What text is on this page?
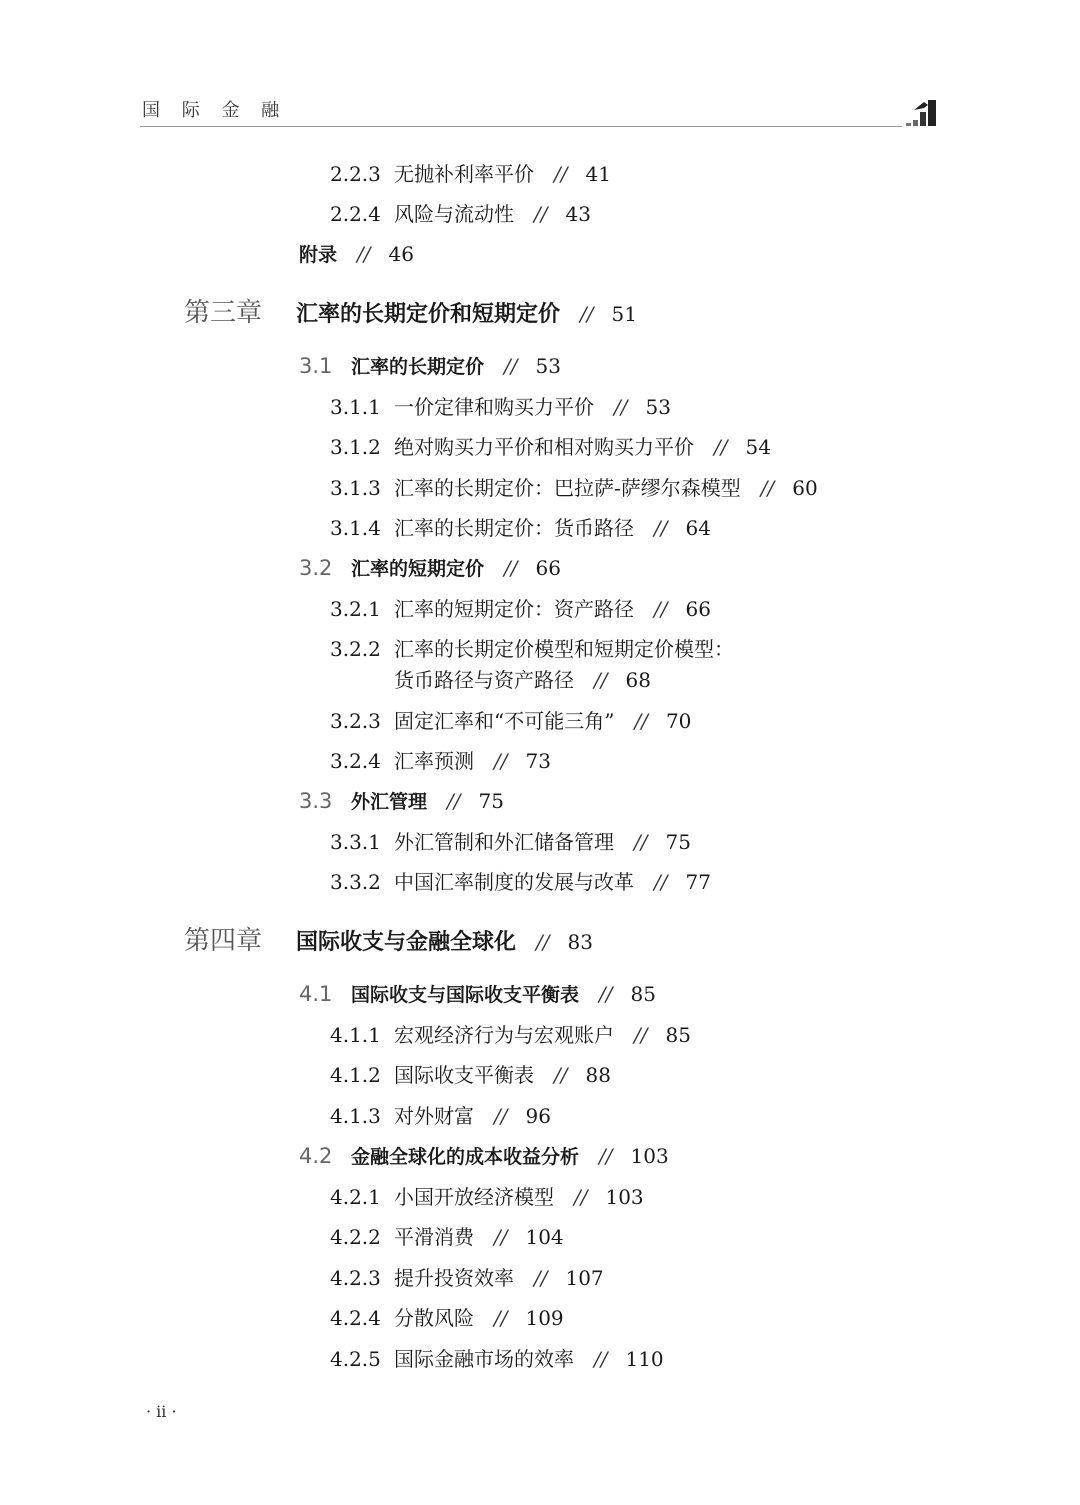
国 际 金 融
2.2.3 无抛补利率平价 // 41
2.2.4 风险与流动性 // 43
附录 // 46
第三章 汇率的长期定价和短期定价 // 51
3.1 汇率的长期定价 // 53
3.1.1 一价定律和购买力平价 // 53
3.1.2 绝对购买力平价和相对购买力平价 // 54
3.1.3 汇率的长期定价：巴拉萨-萨缪尔森模型 // 60
3.1.4 汇率的长期定价：货币路径 // 64
3.2 汇率的短期定价 // 66
3.2.1 汇率的短期定价：资产路径 // 66
3.2.2 汇率的长期定价模型和短期定价模型：
货币路径与资产路径 // 68
3.2.3 固定汇率和“不可能三角” // 70
3.2.4 汇率预测 // 73
3.3 外汇管理 // 75
3.3.1 外汇管制和外汇储备管理 // 75
3.3.2 中国汇率制度的发展与改革 // 77
第四章 国际收支与金融全球化 // 83
4.1 国际收支与国际收支平衡表 // 85
4.1.1 宏观经济行为与宏观账户 // 85
4.1.2 国际收支平衡表 // 88
4.1.3 对外财富 // 96
4.2 金融全球化的成本收益分析 // 103
4.2.1 小国开放经济模型 // 103
4.2.2 平滑消费 // 104
4.2.3 提升投资效率 // 107
4.2.4 分散风险 // 109
4.2.5 国际金融市场的效率 // 110
· ii ·
